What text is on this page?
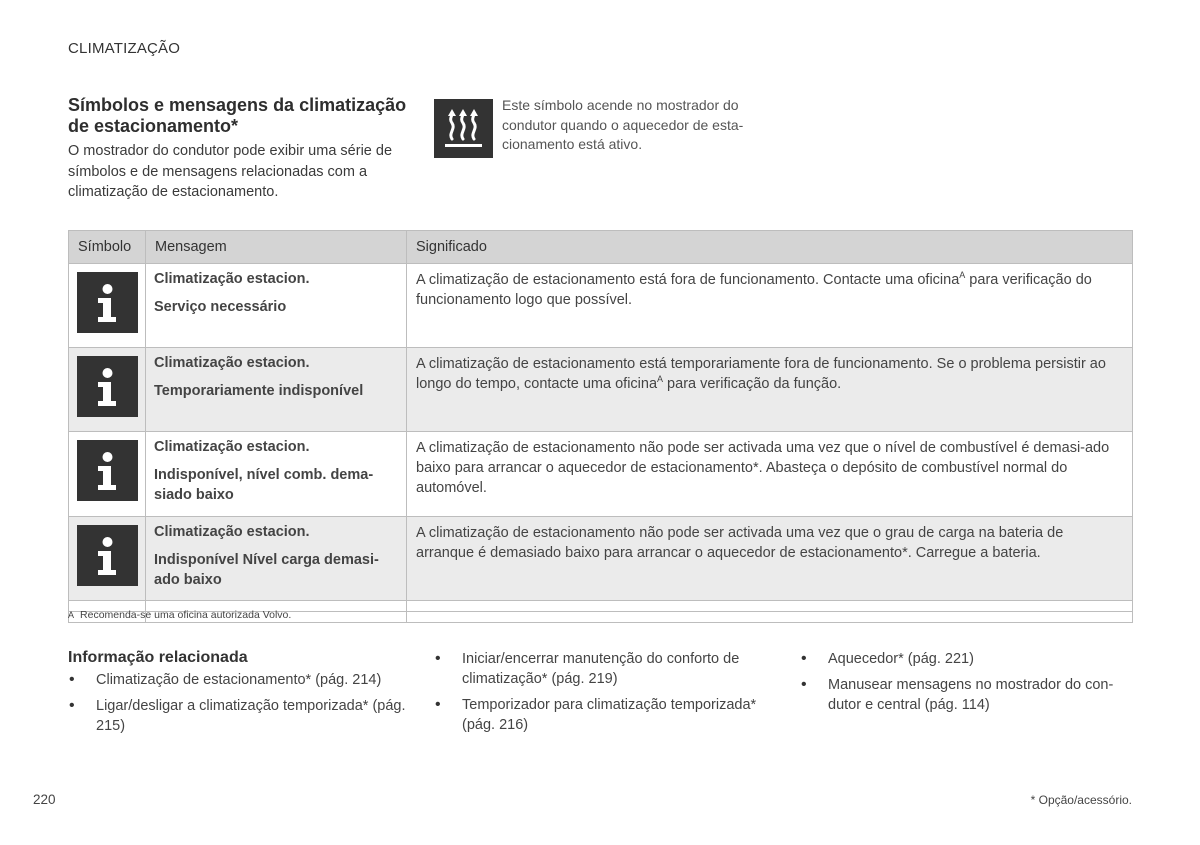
CLIMATIZAÇÃO
Símbolos e mensagens da climatização de estacionamento*
O mostrador do condutor pode exibir uma série de símbolos e de mensagens relacionadas com a climatização de estacionamento.
Este símbolo acende no mostrador do condutor quando o aquecedor de esta-cionamento está ativo.
Símbolo	Mensagem	Significado

Climatização estacion.
Serviço necessário	A climatização de estacionamento está fora de funcionamento. Contacte uma oficina$^A$ para verificação do funcionamento logo que possível.

Climatização estacion.
Temporariamente indisponível	A climatização de estacionamento está temporariamente fora de funcionamento. Se o problema persistir ao longo do tempo, contacte uma oficina$^A$ para verificação da função.

Climatização estacion.
Indisponível, nível comb. dema-siado baixo	A climatização de estacionamento não pode ser activada uma vez que o nível de combustível é demasi-ado baixo para arrancar o aquecedor de estacionamento*. Abasteça o depósito de combustível normal do automóvel.

Climatização estacion.
Indisponível Nível carga demasi-ado baixo	A climatização de estacionamento não pode ser activada uma vez que o grau de carga na bateria de arranque é demasiado baixo para arrancar o aquecedor de estacionamento*. Carregue a bateria.

A Recomenda-se uma oficina autorizada Volvo.
Informação relacionada
• Climatização de estacionamento* (pág. 214)
• Ligar/desligar a climatização temporizada* (pág. 215)
• Iniciar/encerrar manutenção do conforto de climatização* (pág. 219)
• Temporizador para climatização temporizada* (pág. 216)
• Aquecedor* (pág. 221)
• Manusear mensagens no mostrador do con-dutor e central (pág. 114)
220	* Opção/acessório.
